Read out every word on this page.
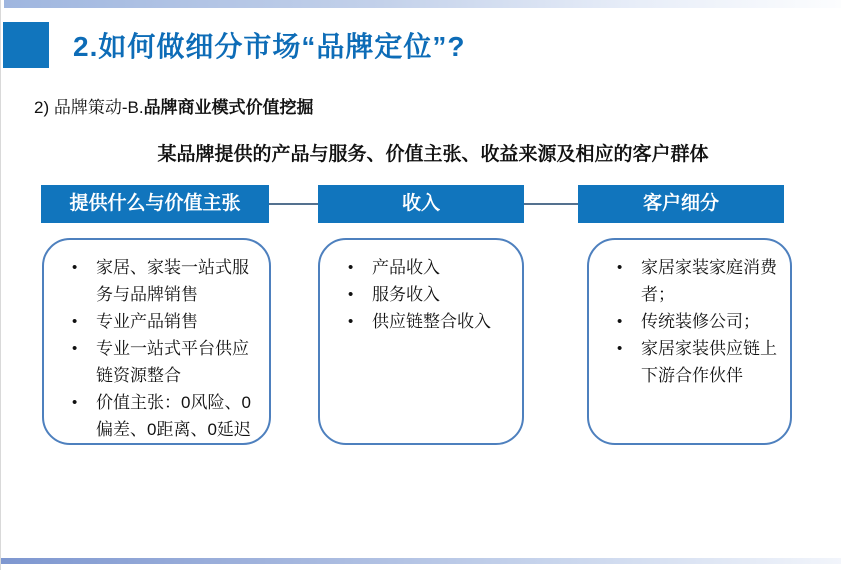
2.如何做细分市场“品牌定位”?
2) 品牌策动-B.品牌商业模式价值挖掘
某品牌提供的产品与服务、价值主张、收益来源及相应的客户群体
提供什么与价值主张	收入	客户细分
• 家居、家装一站式服务与品牌销售
• 专业产品销售
• 专业一站式平台供应链资源整合
• 价值主张：0风险、0偏差、0距离、0延迟
• 产品收入
• 服务收入
• 供应链整合收入
• 家居家装家庭消费者；
• 传统装修公司；
• 家居家装供应链上下游合作伙伴
